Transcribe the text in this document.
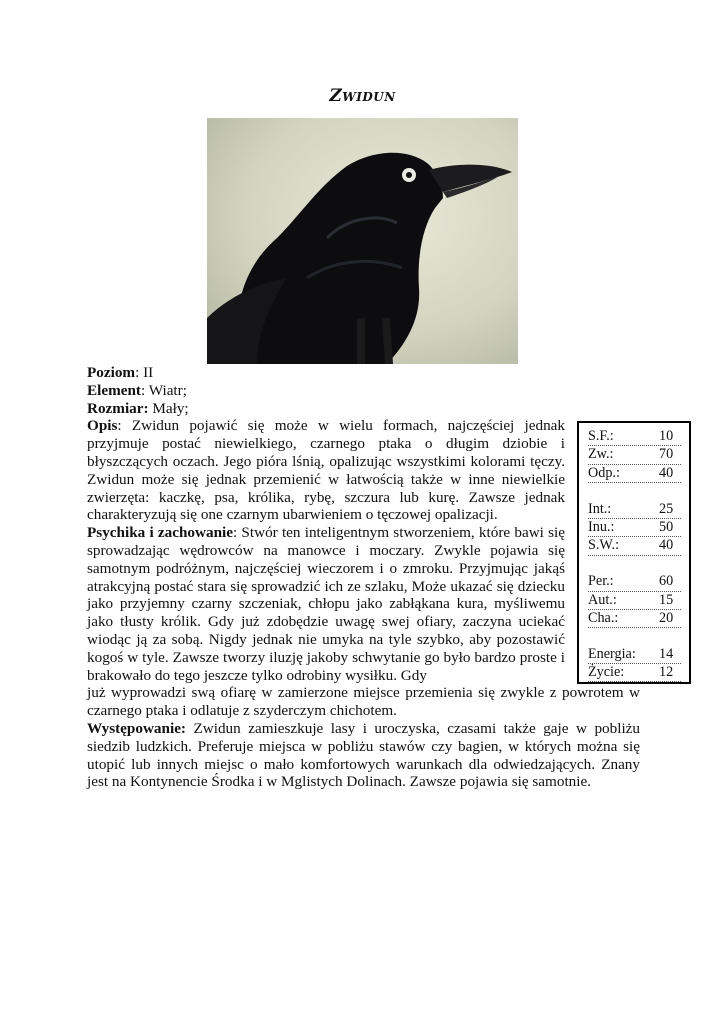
Zwidun

Poziom: II

Element: Wiatr;

Rozmiar: Mały;

Opis: Zwidun pojawić się może w wielu formach, najczęściej jednak przyjmuje postać niewielkiego, czarnego ptaka o długim dziobie i błyszczących oczach. Jego pióra lśnią, opalizując wszystkimi kolorami tęczy. Zwidun może się jednak przemienić w łatwością także w inne niewielkie zwierzęta: kaczkę, psa, królika, rybę, szczura lub kurę. Zawsze jednak charakteryzują się one czarnym ubarwieniem o tęczowej opalizacji.

Psychika i zachowanie: Stwór ten inteligentnym stworzeniem, które bawi się sprowadzając wędrowców na manowce i moczary. Zwykle pojawia się samotnym podróżnym, najczęściej wieczorem i o zmroku. Przyjmując jakąś atrakcyjną postać stara się sprowadzić ich ze szlaku, Może ukazać się dziecku jako przyjemny czarny szczeniak, chłopu jako zabłąkana kura, myśliwemu jako tłusty królik. Gdy już zdobędzie uwagę swej ofiary, zaczyna uciekać wiodąc ją za sobą. Nigdy jednak nie umyka na tyle szybko, aby pozostawić kogoś w tyle. Zawsze tworzy iluzję jakoby schwytanie go było bardzo proste i brakowało do tego jeszcze tylko odrobiny wysiłku. Gdy

już wyprowadzi swą ofiarę w zamierzone miejsce przemienia się zwykle z powrotem w czarnego ptaka i odlatuje z szyderczym chichotem.

Występowanie: Zwidun zamieszkuje lasy i uroczyska, czasami także gaje w pobliżu siedzib ludzkich. Preferuje miejsca w pobliżu stawów czy bagien, w których można się utopić lub innych miejsc o mało komfortowych warunkach dla odwiedzających. Znany jest na Kontynencie Środka i w Mglistych Dolinach. Zawsze pojawia się samotnie.

S.F.:	10
Zw.:	70
Odp.:	40
Int.:	25
Inu.:	50
S.W.:	40
Per.:	60
Aut.:	15
Cha.:	20
Energia: 14
Życie: 12
